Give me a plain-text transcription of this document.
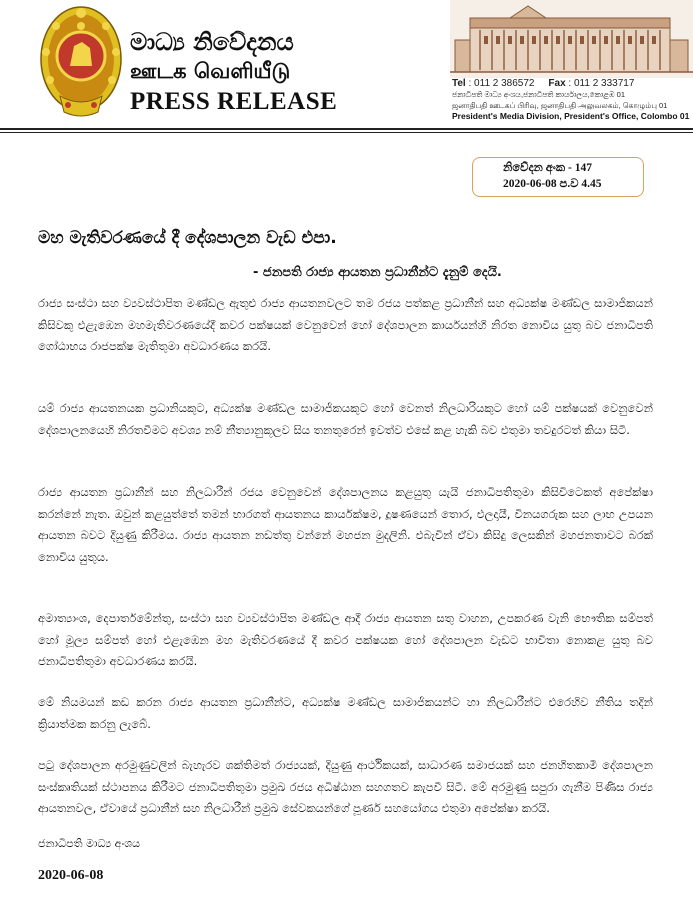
මාධ්‍ය නිවේදනය
ஊடக வெளியீடு
PRESS RELEASE
Tel : 011 2 386572 Fax : 011 2 333717
ජනාධිපති මාධ්‍ය අංශය,ජනාධිපති කාර්යාලය,කොළඹ 01
ஜனாதிபதி ஊடகப் பிரிவு, ஜனாதிபதி அலுவலகம், கொழும்பு 01
President's Media Division, President's Office, Colombo 01
නිවේදන අංක - 147
2020-06-08 ප.ව 4.45
මහ මැතිවරණයේ දී දේශපාලන වැඩ එපා.
- ජනපති රාජ්‍ය ආයතන ප්‍රධානීන්ට දැනුම් දෙයි.
රාජ්‍ය සංස්ථා සහ ව්‍යවස්ථාපිත මණ්ඩල ඇතුළු රාජ්‍ය ආයතනවලට තම රජය පත්කළ ප්‍රධානීන් සහ අධ්‍යක්ෂ මණ්ඩල සාමාජිකයන් කිසිවකු එළැඹෙන මහමැතිවරණයේදී කවර පක්ෂයක් වෙනුවෙන් හෝ දේශපාලන කාර්යයන්හි නිරත නොවිය යුතු බව ජනාධිපති ගෝඨාභය රාජපක්ෂ මැතිතුමා අවධාරණය කරයි.
යම් රාජ්‍ය ආයතනයක ප්‍රධානියකුට, අධ්‍යක්ෂ මණ්ඩල සාමාජිකයකුට හෝ වෙනත් නිලධාරියකුට හෝ යම් පක්ෂයක් වෙනුවෙන් දේශපාලනයෙහි නිරතවීමට අවශ්‍ය නම් නීත්‍යානුකූලව සිය තනතුරෙන් ඉවත්ව එසේ කළ හැකි බව එතුමා තවදුරටත් කියා සිටී.
රාජ්‍ය ආයතන ප්‍රධානීන් සහ නිලධාරීන් රජය වෙනුවෙන් දේශපාලනය කළයුතු යැයි ජනාධිපතිතුමා කිසිවිටෙකත් අපේක්ෂා කරන්නේ නැත. ඔවුන් කළයුත්තේ තමන් භාරගත් ආයතනය කාර්යක්ෂම, දූෂණයෙන් තොර, එලදායී, විනයගරුක සහ ලාභ උපයන ආයතන බවට දියුණු කිරීමය. රාජ්‍ය ආයතන නඩත්තු වන්නේ මහජන මුදලිනි. එබැවින් ඒවා කිසිදු ලෙසකින් මහජනතාවට බරක් නොවිය යුතුය.
අමාත්‍යාංශ, දෙපාර්තමේන්තු, සංස්ථා සහ ව්‍යවස්ථාපිත මණ්ඩල ආදී රාජ්‍ය ආයතන සතු වාහන, උපකරණ වැනි භෞතික සම්පත් හෝ මූල්‍ය සම්පත් හෝ එළැඹෙන මහ මැතිවරණයේ දී කවර පක්ෂයක හෝ දේශපාලන වැඩට භාවිතා නොකළ යුතු බව ජනාධිපතිතුමා අවධාරණය කරයි.
මේ නියමයන් කඩ කරන රාජ්‍ය ආයතන ප්‍රධානීන්ට, අධ්‍යක්ෂ මණ්ඩල සාමාජිකයන්ට හා නිලධාරීන්ට එරෙහිව නීතිය තදින් ක්‍රියාත්මක කරනු ලැබේ.
පටු දේශපාලන අරමුණුවලින් බැහැරව ශක්තිමත් රාජ්‍යයක්, දියුණු ආර්ථිකයක්, සාධාරණ සමාජයක් සහ ජනහිතකාමී දේශපාලන සංස්කෘතියක් ස්ථාපනය කිරීමට ජනාධිපතිතුමා ප්‍රමුඛ රජය අධිෂ්ඨාන සහගතව කැපවී සිටී. මේ අරමුණු සපුරා ගැනීම පිණිස රාජ්‍ය ආයතනවල, ඒවායේ ප්‍රධානීන් සහ නිලධාරීන් ප්‍රමුඛ සේවකයන්ගේ පූර්ණ සහයෝගය එතුමා අපේක්ෂා කරයි.
ජනාධිපති මාධ්‍ය අංශය
2020-06-08
